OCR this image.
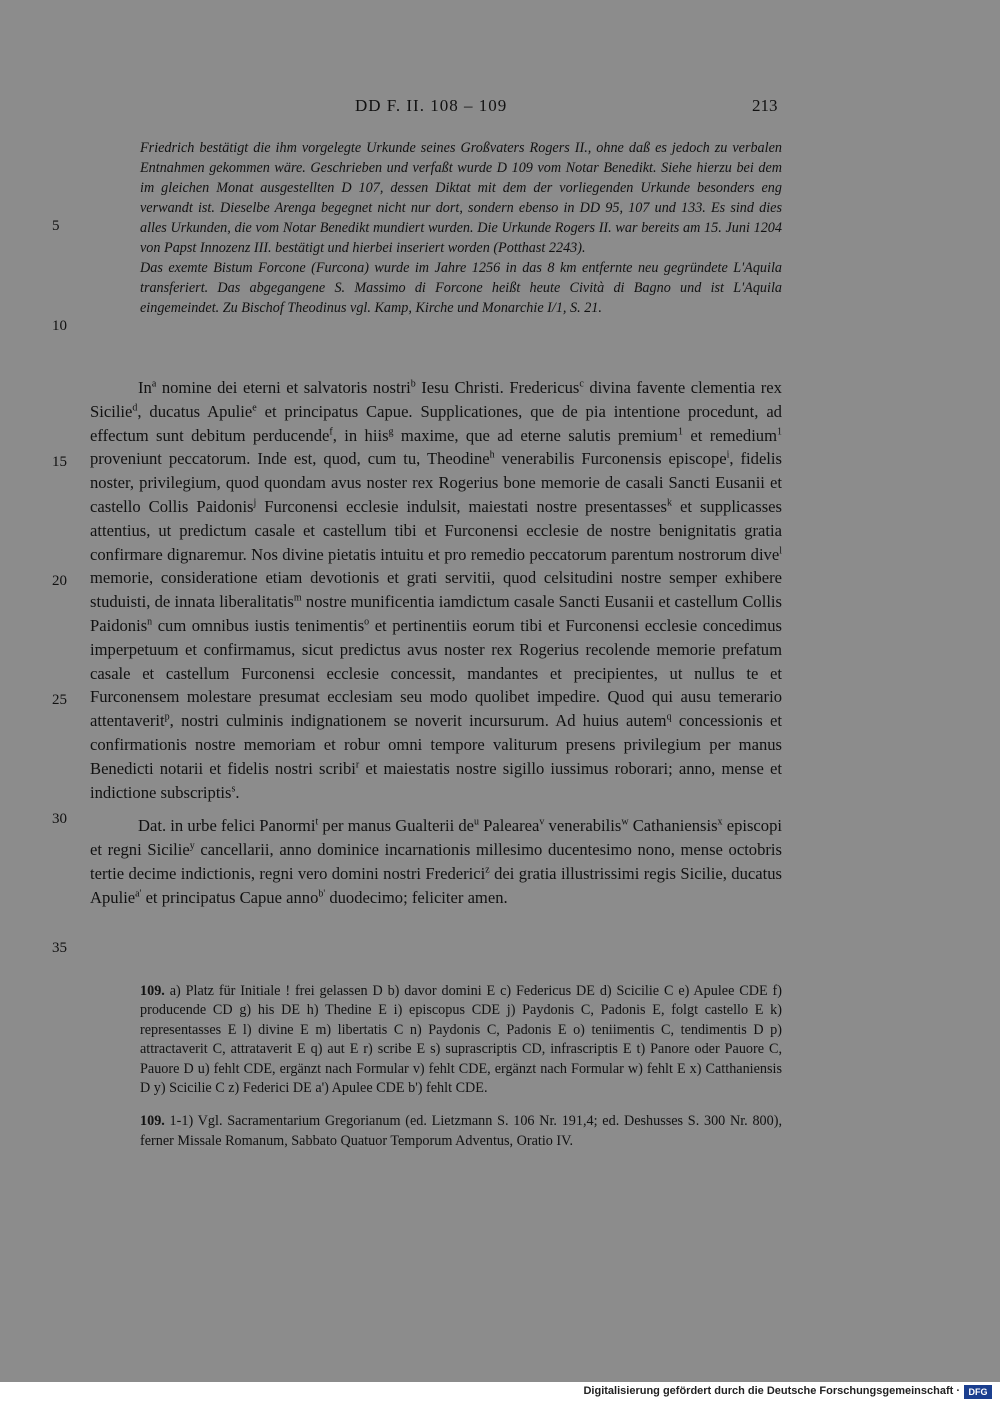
DD F. II. 108 – 109	213
5
10
15
20
25
30
35

Friedrich bestätigt die ihm vorgelegte Urkunde seines Großvaters Rogers II., ohne daß es jedoch zu verbalen Entnahmen gekommen wäre. Geschrieben und verfaßt wurde D 109 vom Notar Benedikt. Siehe hierzu bei dem im gleichen Monat ausgestellten D 107, dessen Diktat mit dem der vorliegenden Urkunde besonders eng verwandt ist. Dieselbe Arenga begegnet nicht nur dort, sondern ebenso in DD 95, 107 und 133. Es sind dies alles Urkunden, die vom Notar Benedikt mundiert wurden. Die Urkunde Rogers II. war bereits am 15. Juni 1204 von Papst Innozenz III. bestätigt und hierbei inseriert worden (Potthast 2243).

Das exemte Bistum Forcone (Furcona) wurde im Jahre 1256 in das 8 km entfernte neu gegründete L'Aquila transferiert. Das abgegangene S. Massimo di Forcone heißt heute Cività di Bagno und ist L'Aquila eingemeindet. Zu Bischof Theodinus vgl. Kamp, Kirche und Monarchie I/1, S. 21.

In$^a$ nomine dei eterni et salvatoris nostri$^b$ Iesu Christi. Fredericus$^c$ divina favente clementia rex Sicilie$^d$, ducatus Apulie$^e$ et principatus Capue. Supplicationes, que de pia intentione procedunt, ad effectum sunt debitum perducende$^f$, in hiis$^g$ maxime, que ad eterne salutis premium$^1$ et remedium$^1$ proveniunt peccatorum. Inde est, quod, cum tu, Theodine$^h$ venerabilis Furconensis episcope$^i$, fidelis noster, privilegium, quod quondam avus noster rex Rogerius bone memorie de casali Sancti Eusanii et castello Collis Paidonis$^j$ Furconensi ecclesie indulsit, maiestati nostre presentasses$^k$ et supplicasses attentius, ut predictum casale et castellum tibi et Furconensi ecclesie de nostre benignitatis gratia confirmare dignaremur. Nos divine pietatis intuitu et pro remedio peccatorum parentum nostrorum dive$^l$ memorie, consideratione etiam devotionis et grati servitii, quod celsitudini nostre semper exhibere studuisti, de innata liberalitatis$^m$ nostre munificentia iamdictum casale Sancti Eusanii et castellum Collis Paidonis$^n$ cum omnibus iustis tenimentis$^o$ et pertinentiis eorum tibi et Furconensi ecclesie concedimus imperpetuum et confirmamus, sicut predictus avus noster rex Rogerius recolende memorie prefatum casale et castellum Furconensi ecclesie concessit, mandantes et precipientes, ut nullus te et Furconensem molestare presumat ecclesiam seu modo quolibet impedire. Quod qui ausu temerario attentaverit$^p$, nostri culminis indignationem se noverit incursurum. Ad huius autem$^q$ concessionis et confirmationis nostre memoriam et robur omni tempore valiturum presens privilegium per manus Benedicti notarii et fidelis nostri scribi$^r$ et maiestatis nostre sigillo iussimus roborari; anno, mense et indictione subscriptis$^s$.

Dat. in urbe felici Panormi$^t$ per manus Gualterii $de^u$ Palearea$^v$ venerabilis$^w$ Cathaniensis$^x$ episcopi et regni Sicilie$^y$ cancellarii, anno dominice incarnationis millesimo ducentesimo nono, mense octobris tertie decime indictionis, regni vero domini nostri Frederici$^z$ dei gratia illustrissimi regis Sicilie, ducatus Apulie$^{a'}$ et principatus Capue anno$^{b'}$ duodecimo; feliciter amen.

109. a) Platz für Initiale ! frei gelassen D b) davor domini E c) Federicus DE d) Scicilie C e) Apulee CDE f) producende CD g) his DE h) Thedine E i) episcopus CDE j) Paydonis C, Padonis E, folgt castello E k) representasses E l) divine E m) libertatis C n) Paydonis C, Padonis E o) teniimentis C, tendimentis D p) attractaverit C, attrataverit E q) aut E r) scribe E s) suprascriptis CD, infrascriptis E t) Panore oder Pauore C, Pauore D u) fehlt CDE, ergänzt nach Formular v) fehlt CDE, ergänzt nach Formular w) fehlt E x) Catthaniensis D y) Scicilie C z) Federici DE a') Apulee CDE b') fehlt CDE.

109. 1-1) Vgl. Sacramentarium Gregorianum (ed. Lietzmann S. 106 Nr. 191,4; ed. Deshusses S. 300 Nr. 800), ferner Missale Romanum, Sabbato Quatuor Temporum Adventus, Oratio IV.

Digitalisierung gefördert durch die Deutsche Forschungsgemeinschaft · DFG
